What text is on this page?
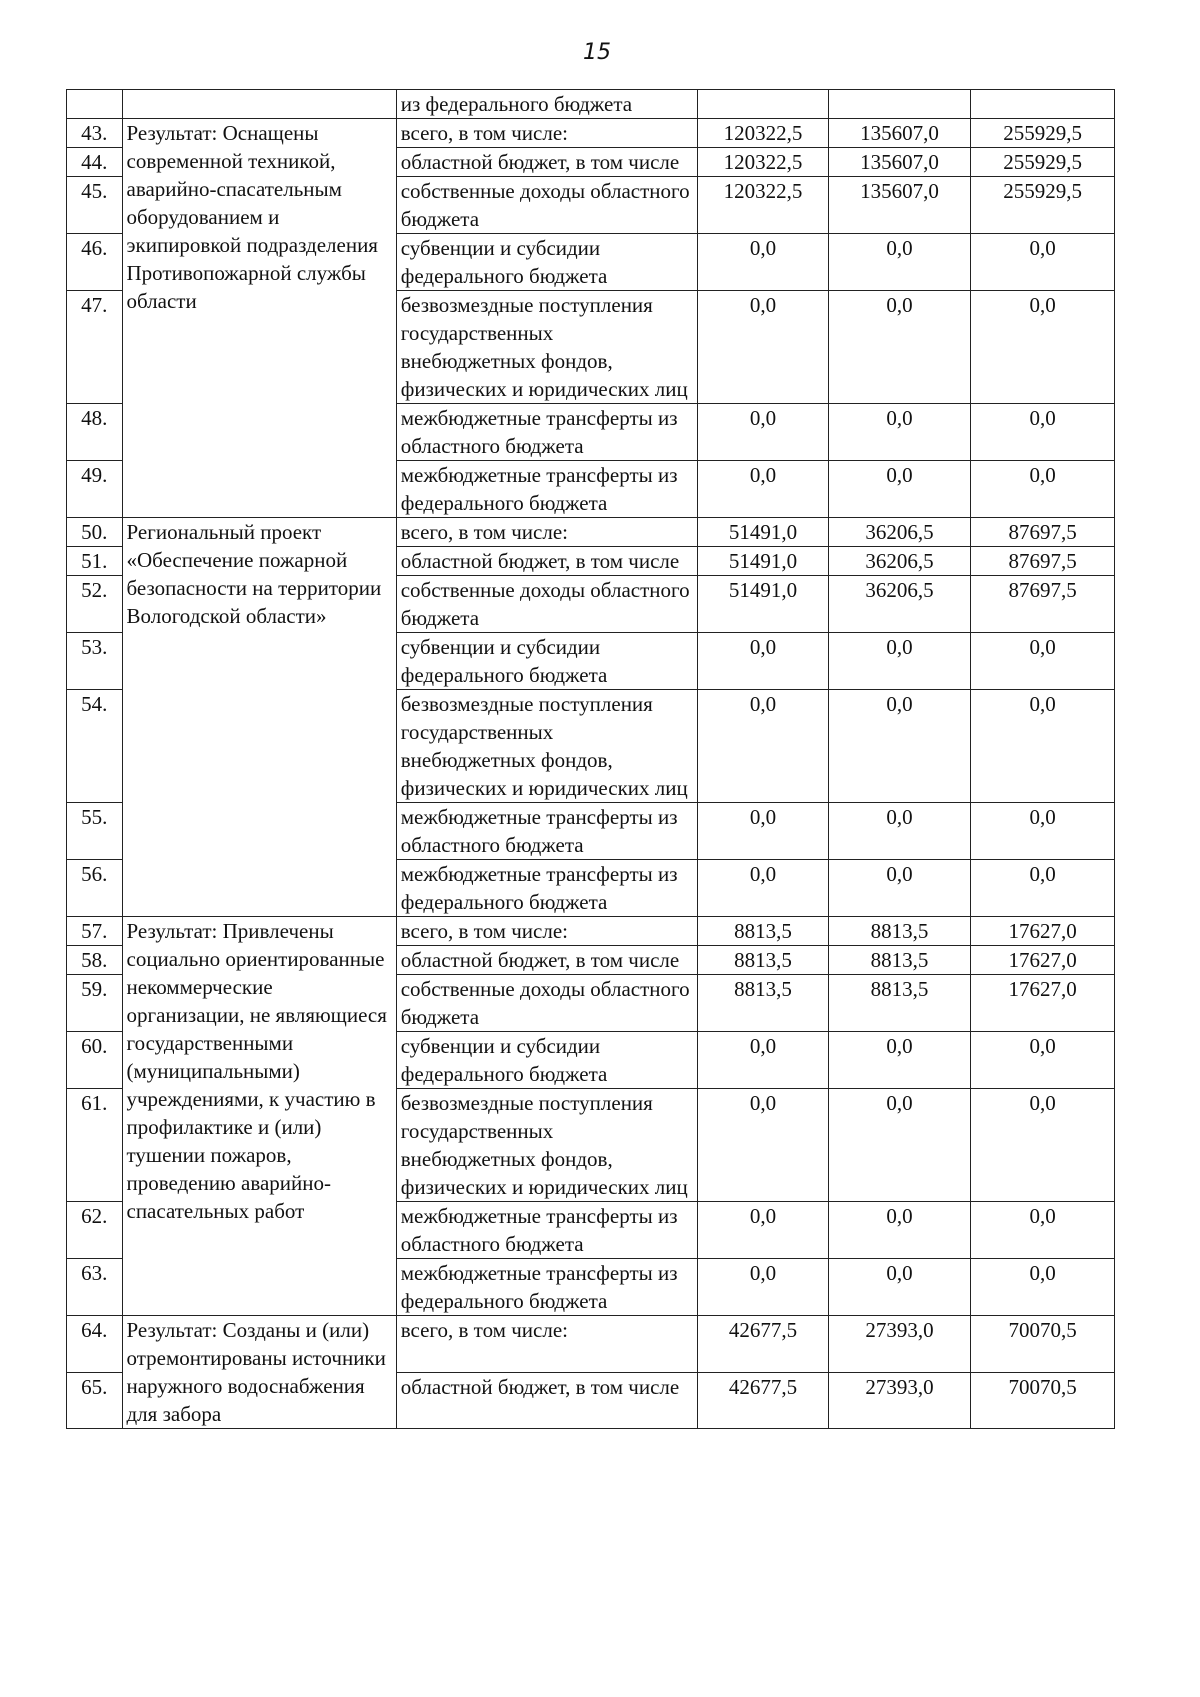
15
		из федерального бюджета			
43.	Результат: Оснащены современной техникой, аварийно-спасательным оборудованием и экипировкой подразделения Противопожарной службы области	всего, в том числе:	120322,5	135607,0	255929,5
44.		областной бюджет, в том числе	120322,5	135607,0	255929,5
45.		собственные доходы областного бюджета	120322,5	135607,0	255929,5
46.		субвенции и субсидии федерального бюджета	0,0	0,0	0,0
47.		безвозмездные поступления государственных внебюджетных фондов, физических и юридических лиц	0,0	0,0	0,0
48.		межбюджетные трансферты из областного бюджета	0,0	0,0	0,0
49.		межбюджетные трансферты из федерального бюджета	0,0	0,0	0,0
50.	Региональный проект «Обеспечение пожарной безопасности на территории Вологодской области»	всего, в том числе:	51491,0	36206,5	87697,5
51.		областной бюджет, в том числе	51491,0	36206,5	87697,5
52.		собственные доходы областного бюджета	51491,0	36206,5	87697,5
53.		субвенции и субсидии федерального бюджета	0,0	0,0	0,0
54.		безвозмездные поступления государственных внебюджетных фондов, физических и юридических лиц	0,0	0,0	0,0
55.		межбюджетные трансферты из областного бюджета	0,0	0,0	0,0
56.		межбюджетные трансферты из федерального бюджета	0,0	0,0	0,0
57.	Результат: Привлечены социально ориентированные некоммерческие организации, не являющиеся государственными (муниципальными) учреждениями, к участию в профилактике и (или) тушении пожаров, проведению аварийно-спасательных работ	всего, в том числе:	8813,5	8813,5	17627,0
58.		областной бюджет, в том числе	8813,5	8813,5	17627,0
59.		собственные доходы областного бюджета	8813,5	8813,5	17627,0
60.		субвенции и субсидии федерального бюджета	0,0	0,0	0,0
61.		безвозмездные поступления государственных внебюджетных фондов, физических и юридических лиц	0,0	0,0	0,0
62.		межбюджетные трансферты из областного бюджета	0,0	0,0	0,0
63.		межбюджетные трансферты из федерального бюджета	0,0	0,0	0,0
64.	Результат: Созданы и (или) отремонтированы источники наружного водоснабжения для забора	всего, в том числе:	42677,5	27393,0	70070,5
65.		областной бюджет, в том числе	42677,5	27393,0	70070,5
